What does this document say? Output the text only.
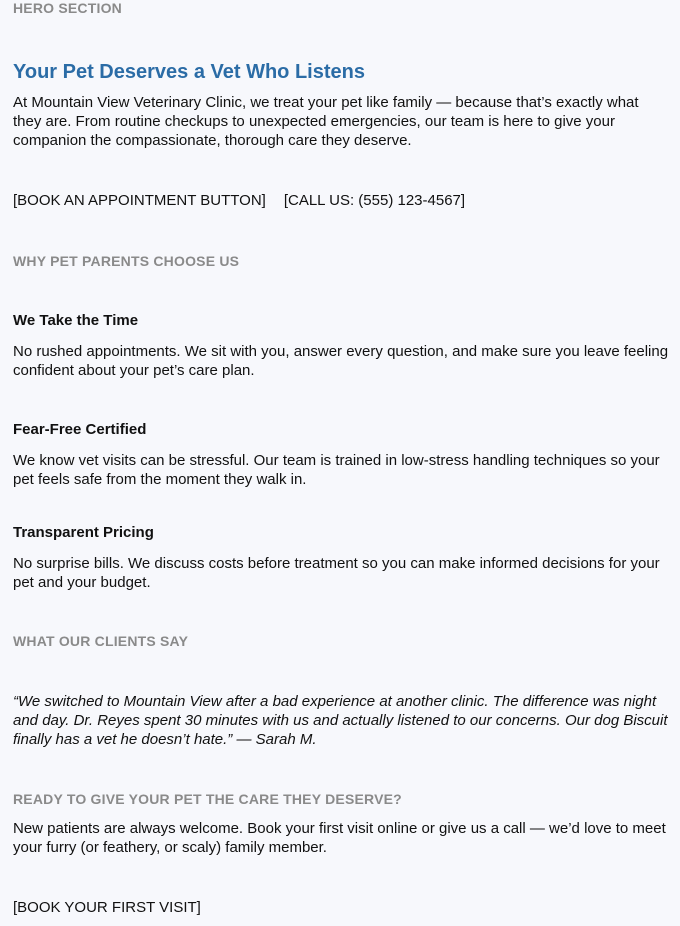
HERO SECTION

Your Pet Deserves a Vet Who Listens

At Mountain View Veterinary Clinic, we treat your pet like family — because that’s exactly what they are. From routine checkups to unexpected emergencies, our team is here to give your companion the compassionate, thorough care they deserve.

[BOOK AN APPOINTMENT BUTTON] [CALL US: (555) 123-4567]

WHY PET PARENTS CHOOSE US

We Take the Time

No rushed appointments. We sit with you, answer every question, and make sure you leave feeling confident about your pet’s care plan.

Fear-Free Certified

We know vet visits can be stressful. Our team is trained in low-stress handling techniques so your pet feels safe from the moment they walk in.

Transparent Pricing

No surprise bills. We discuss costs before treatment so you can make informed decisions for your pet and your budget.

WHAT OUR CLIENTS SAY

“We switched to Mountain View after a bad experience at another clinic. The difference was night and day. Dr. Reyes spent 30 minutes with us and actually listened to our concerns. Our dog Biscuit finally has a vet he doesn’t hate.” — Sarah M.

READY TO GIVE YOUR PET THE CARE THEY DESERVE?

New patients are always welcome. Book your first visit online or give us a call — we’d love to meet your furry (or feathery, or scaly) family member.

[BOOK YOUR FIRST VISIT]
